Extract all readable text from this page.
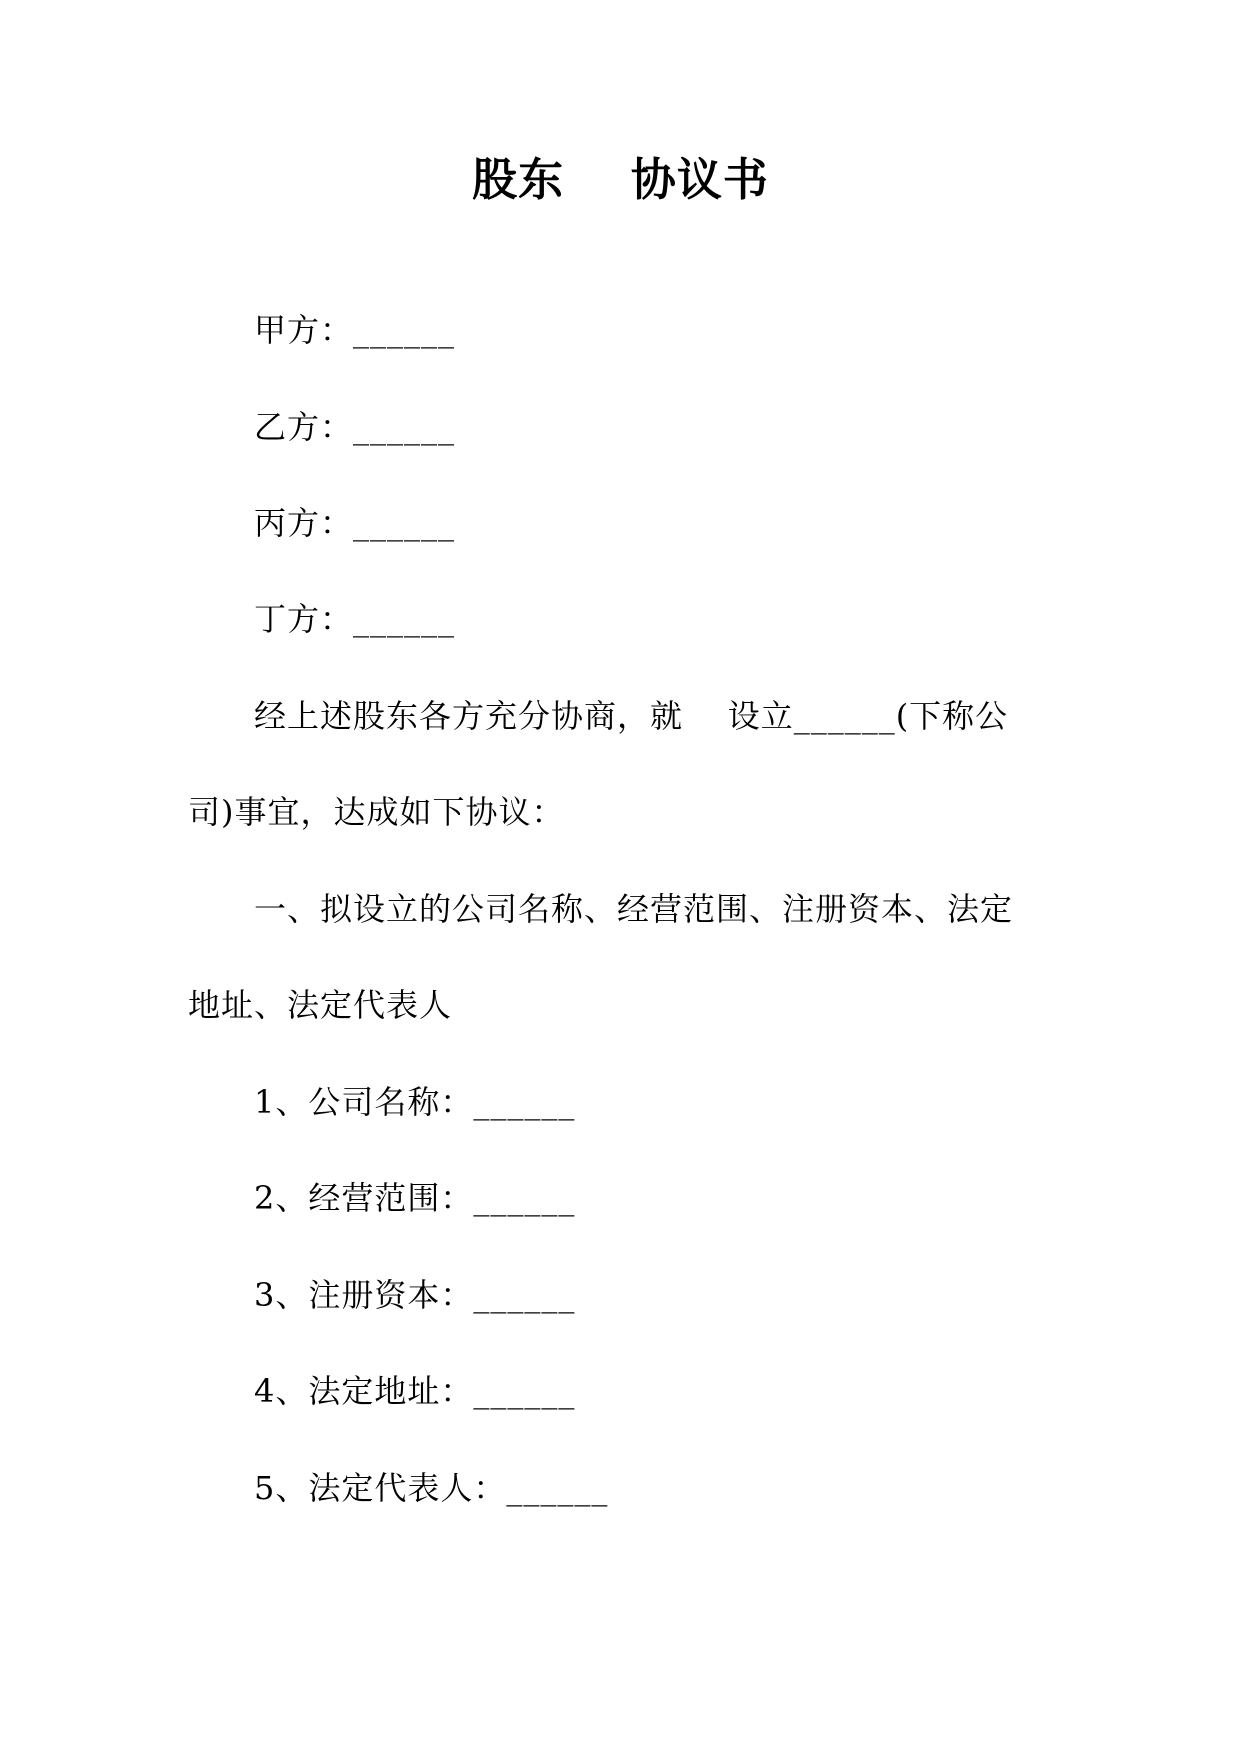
股东    协议书
甲方：______
乙方：______
丙方：______
丁方：______
经上述股东各方充分协商，就    设立______(下称公
司)事宜，达成如下协议：
一、拟设立的公司名称、经营范围、注册资本、法定
地址、法定代表人
1、公司名称：______
2、经营范围：______
3、注册资本：______
4、法定地址：______
5、法定代表人：______
